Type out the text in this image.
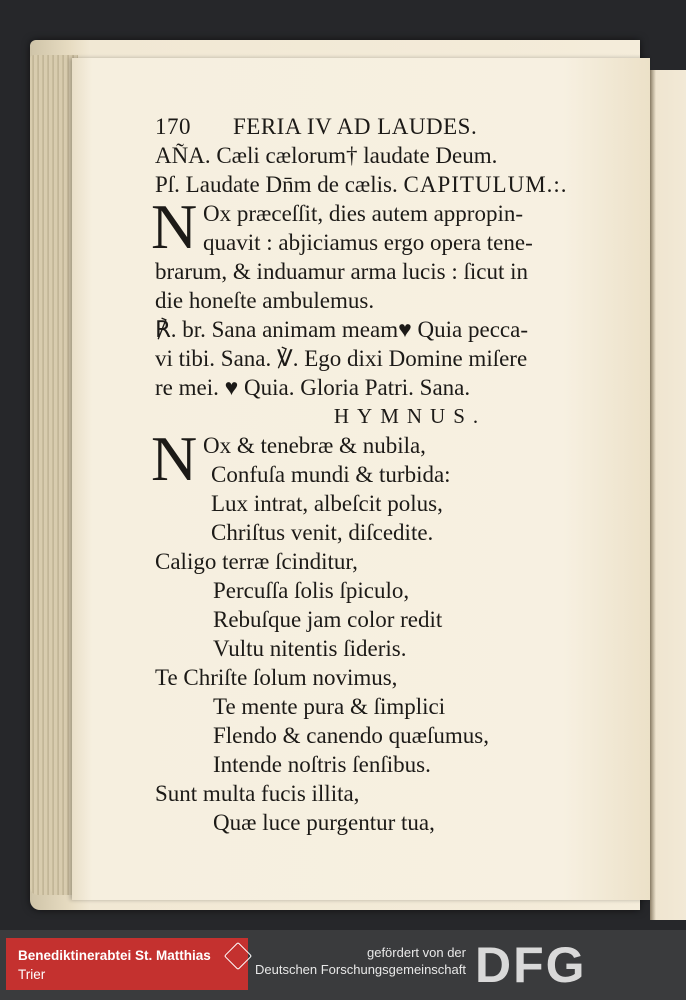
170 FERIA IV AD LAUDES.
AÑA. Cæli cælorum† laudate Deum.
Pſ. Laudate Dn̄m de cælis. CAPITULUM.:.
N Ox præceſſit, dies autem appropin-
quavit : abjiciamus ergo opera tene-
brarum, & induamur arma lucis : ſicut in
die honeſte ambulemus.
℟. br. Sana animam meam♥ Quia pecca-
vi tibi. Sana. ℣. Ego dixi Domine miſere
re mei. ♥ Quia. Gloria Patri. Sana.
HYMNUS.
N Ox & tenebræ & nubila,
Confuſa mundi & turbida:
Lux intrat, albeſcit polus,
Chriſtus venit, diſcedite.
Caligo terræ ſcinditur,
Percuſſa ſolis ſpiculo,
Rebuſque jam color redit
Vultu nitentis ſideris.
Te Chriſte ſolum novimus,
Te mente pura & ſimplici
Flendo & canendo quæſumus,
Intende noſtris ſenſibus.
Sunt multa fucis illita,
Quæ luce purgentur tua,
Benediktinerabtei St. Matthias
Trier
gefördert von der
Deutschen Forschungsgemeinschaft DFG
